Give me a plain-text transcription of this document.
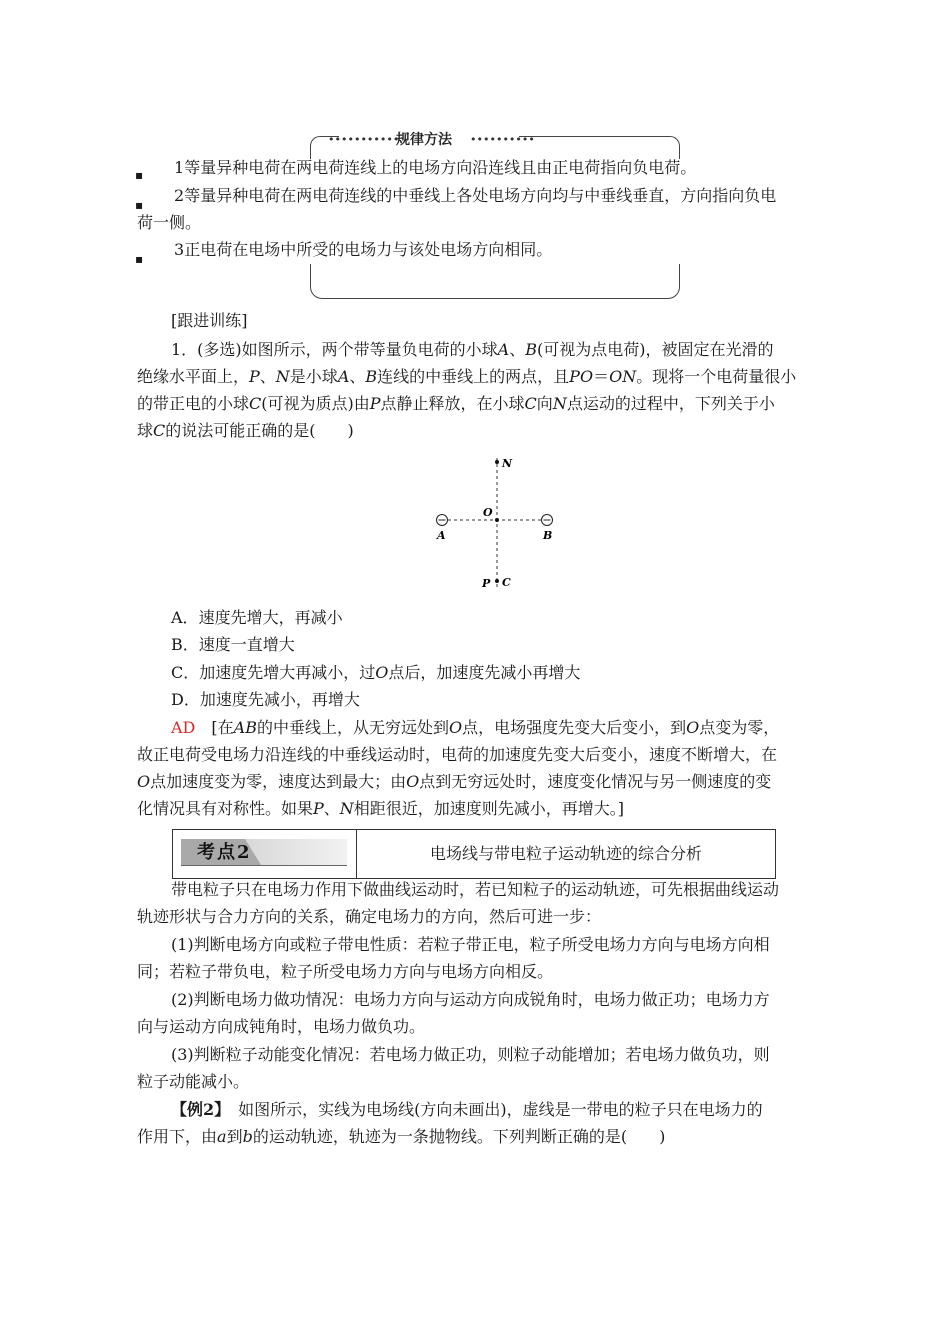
•••••••••••
规律方法 ••••••••••
▪ 1等量异种电荷在两电荷连线上的电场方向沿连线且由正电荷指向负电荷。
▪ 2等量异种电荷在两电荷连线的中垂线上各处电场方向均与中垂线垂直，方向指向负电
荷一侧。
▪ 3正电荷在电场中所受的电场力与该处电场方向相同。
[跟进训练]
1．(多选)如图所示，两个带等量负电荷的小球A、B(可视为点电荷)，被固定在光滑的
绝缘水平面上，P、N是小球A、B连线的中垂线上的两点，且PO＝ON。现将一个电荷量很小
的带正电的小球C(可视为质点)由P点静止释放，在小球C向N点运动的过程中，下列关于小
球C的说法可能正确的是(　　)
N
O
A	B
P C
A．速度先增大，再减小
B．速度一直增大
C．加速度先增大再减小，过O点后，加速度先减小再增大
D．加速度先减小，再增大
AD   [在AB的中垂线上，从无穷远处到O点，电场强度先变大后变小，到O点变为零，
故正电荷受电场力沿连线的中垂线运动时，电荷的加速度先变大后变小，速度不断增大，在
O点加速度变为零，速度达到最大；由O点到无穷远处时，速度变化情况与另一侧速度的变
化情况具有对称性。如果P、N相距很近，加速度则先减小，再增大。]
考点2	电场线与带电粒子运动轨迹的综合分析
带电粒子只在电场力作用下做曲线运动时，若已知粒子的运动轨迹，可先根据曲线运动
轨迹形状与合力方向的关系，确定电场力的方向，然后可进一步：
(1)判断电场方向或粒子带电性质：若粒子带正电，粒子所受电场力方向与电场方向相
同；若粒子带负电，粒子所受电场力方向与电场方向相反。
(2)判断电场力做功情况：电场力方向与运动方向成锐角时，电场力做正功；电场力方
向与运动方向成钝角时，电场力做负功。
(3)判断粒子动能变化情况：若电场力做正功，则粒子动能增加；若电场力做负功，则
粒子动能减小。
【例2】　如图所示，实线为电场线(方向未画出)，虚线是一带电的粒子只在电场力的
作用下，由a到b的运动轨迹，轨迹为一条抛物线。下列判断正确的是(　　)
